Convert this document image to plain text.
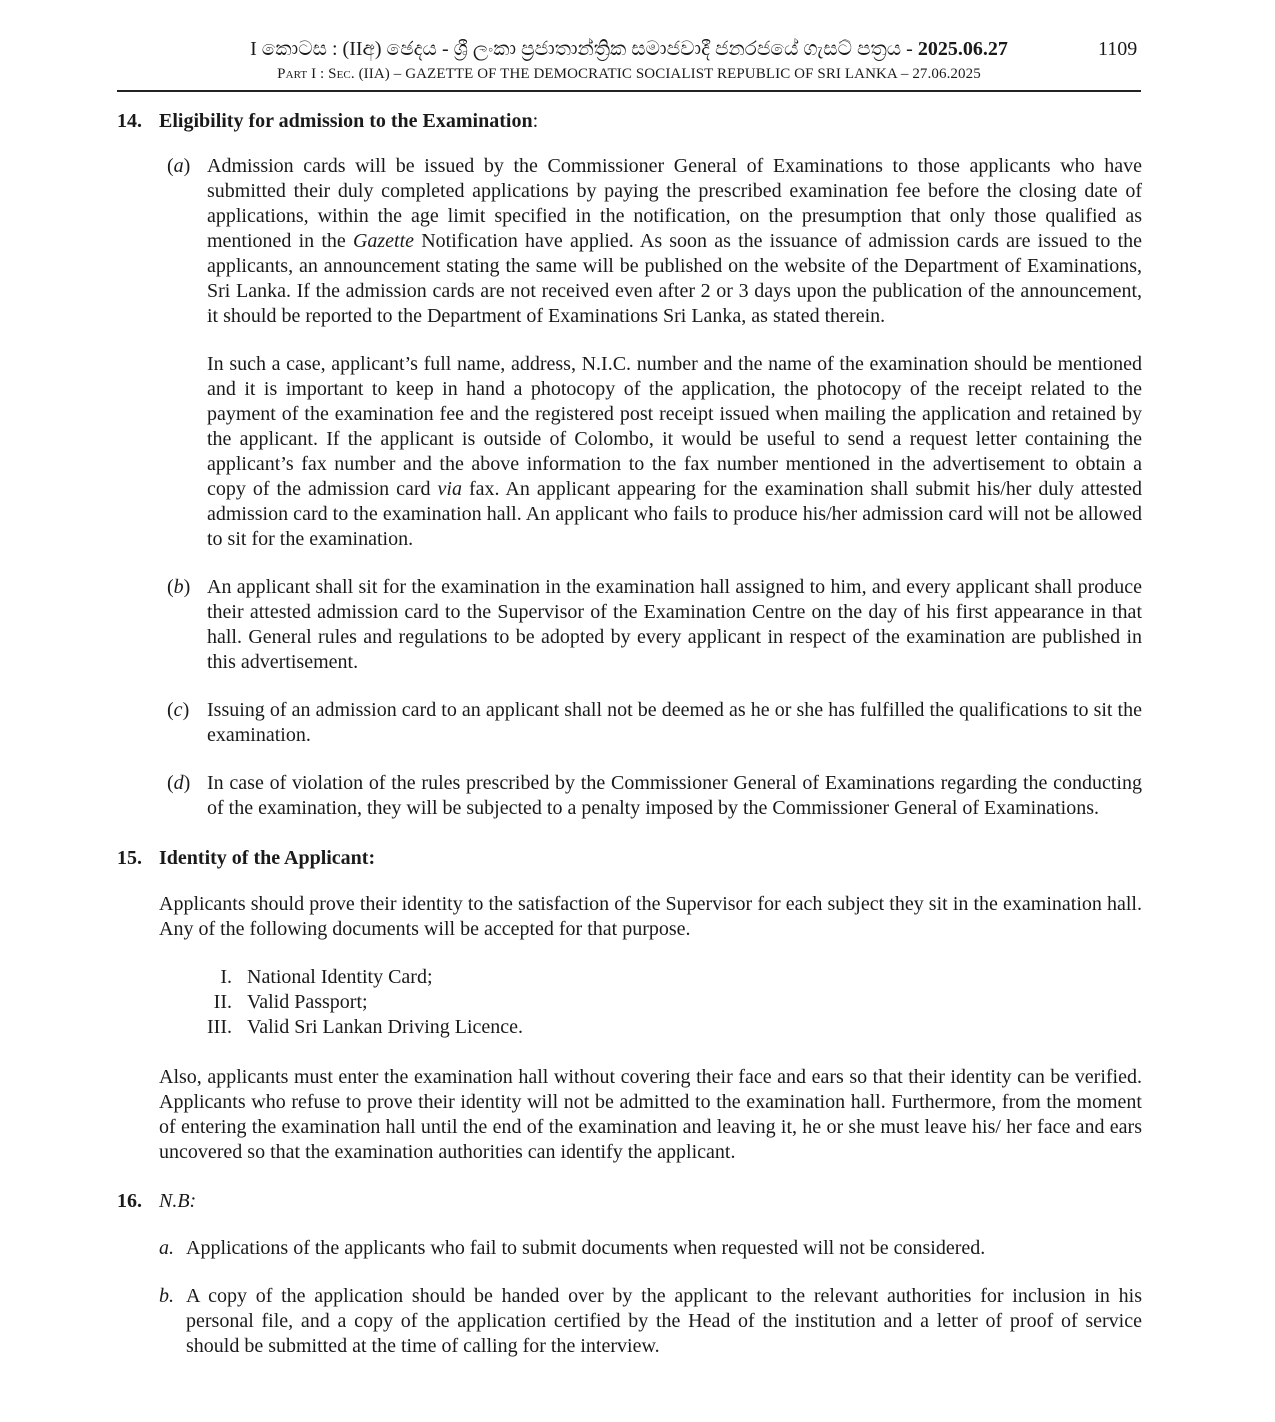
I කොටස : (IIඅ) ඡෙදය - ශ්‍රී ලංකා ප්‍රජාතාන්ත්‍රික සමාජවාදී ජනරජයේ ගැසට් පත්‍රය - 2025.06.27	1109
Part I : Sec. (IIA) – GAZETTE OF THE DEMOCRATIC SOCIALIST REPUBLIC OF SRI LANKA – 27.06.2025
14. Eligibility for admission to the Examination:
(a) Admission cards will be issued by the Commissioner General of Examinations to those applicants who have submitted their duly completed applications by paying the prescribed examination fee before the closing date of applications, within the age limit specified in the notification, on the presumption that only those qualified as mentioned in the Gazette Notification have applied. As soon as the issuance of admission cards are issued to the applicants, an announcement stating the same will be published on the website of the Department of Examinations, Sri Lanka. If the admission cards are not received even after 2 or 3 days upon the publication of the announcement, it should be reported to the Department of Examinations Sri Lanka, as stated therein.
In such a case, applicant’s full name, address, N.I.C. number and the name of the examination should be mentioned and it is important to keep in hand a photocopy of the application, the photocopy of the receipt related to the payment of the examination fee and the registered post receipt issued when mailing the application and retained by the applicant. If the applicant is outside of Colombo, it would be useful to send a request letter containing the applicant’s fax number and the above information to the fax number mentioned in the advertisement to obtain a copy of the admission card via fax. An applicant appearing for the examination shall submit his/her duly attested admission card to the examination hall. An applicant who fails to produce his/her admission card will not be allowed to sit for the examination.
(b) An applicant shall sit for the examination in the examination hall assigned to him, and every applicant shall produce their attested admission card to the Supervisor of the Examination Centre on the day of his first appearance in that hall. General rules and regulations to be adopted by every applicant in respect of the examination are published in this advertisement.
(c) Issuing of an admission card to an applicant shall not be deemed as he or she has fulfilled the qualifications to sit the examination.
(d) In case of violation of the rules prescribed by the Commissioner General of Examinations regarding the conducting of the examination, they will be subjected to a penalty imposed by the Commissioner General of Examinations.
15. Identity of the Applicant:
Applicants should prove their identity to the satisfaction of the Supervisor for each subject they sit in the examination hall. Any of the following documents will be accepted for that purpose.
I. National Identity Card;
II. Valid Passport;
III. Valid Sri Lankan Driving Licence.
Also, applicants must enter the examination hall without covering their face and ears so that their identity can be verified. Applicants who refuse to prove their identity will not be admitted to the examination hall. Furthermore, from the moment of entering the examination hall until the end of the examination and leaving it, he or she must leave his/ her face and ears uncovered so that the examination authorities can identify the applicant.
16. N.B:
a. Applications of the applicants who fail to submit documents when requested will not be considered.
b. A copy of the application should be handed over by the applicant to the relevant authorities for inclusion in his personal file, and a copy of the application certified by the Head of the institution and a letter of proof of service should be submitted at the time of calling for the interview.
